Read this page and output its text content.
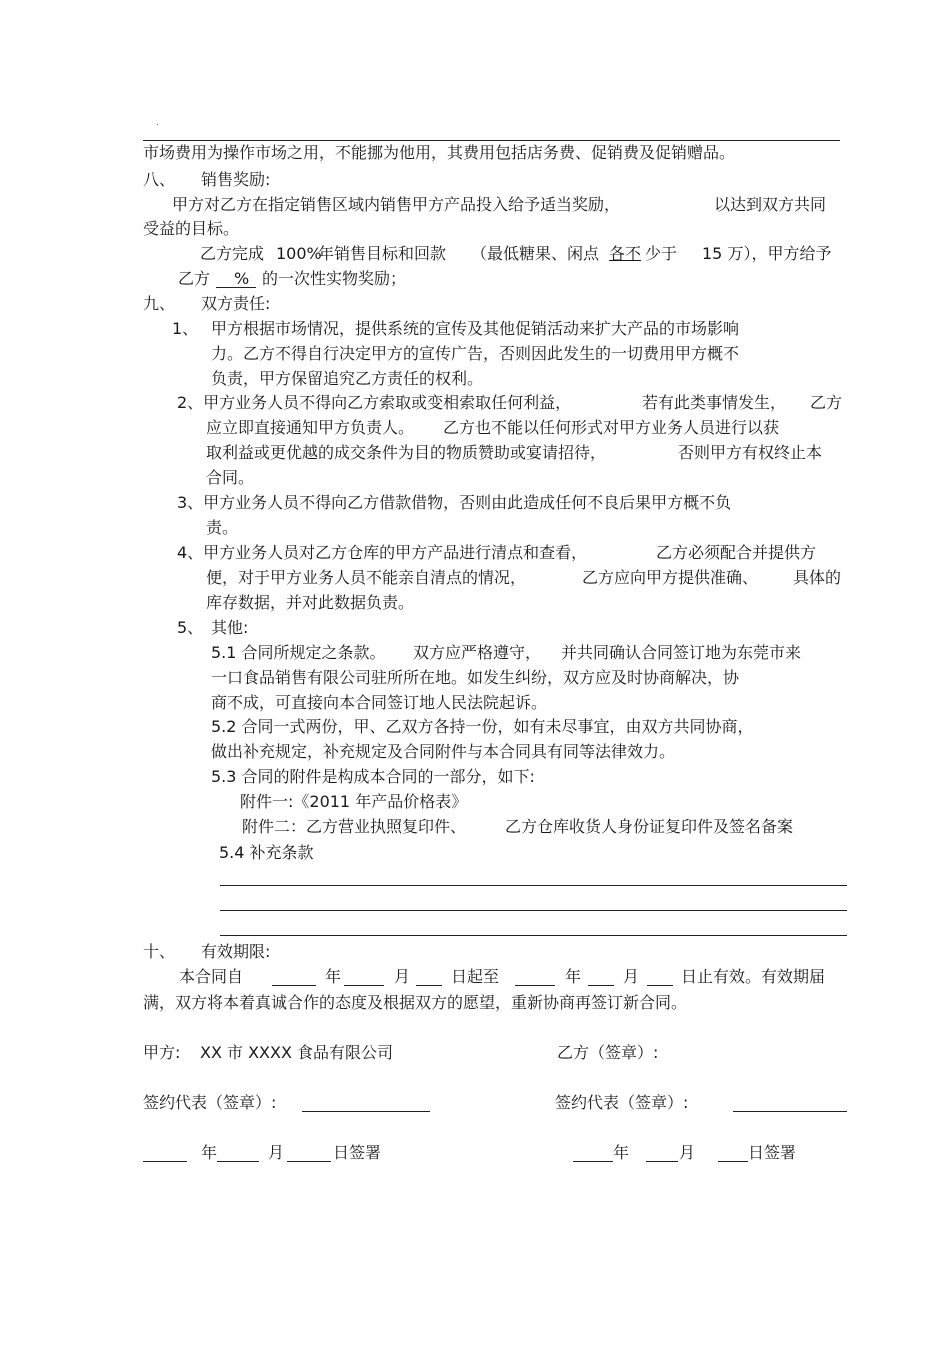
.
市场费用为操作市场之用，不能挪为他用，其费用包括店务费、促销费及促销赠品。
八、 销售奖励:
甲方对乙方在指定销售区域内销售甲方产品投入给予适当奖励，	以达到双方共同
受益的目标。
乙方完成 100%
年销售目标和回款 （最低糖果、闲点 各不 少于 15 万），甲方给予
乙方 % 的一次性实物奖励；
九、 双方责任:
1、 甲方根据市场情况，提供系统的宣传及其他促销活动来扩大产品的市场影响
力。乙方不得自行决定甲方的宣传广告，否则因此发生的一切费用甲方概不
负责，甲方保留追究乙方责任的权利。
2、甲方业务人员不得向乙方索取或变相索取任何利益，	若有此类事情发生， 乙方
应立即直接通知甲方负责人。 乙方也不能以任何形式对甲方业务人员进行以获
取利益或更优越的成交条件为目的物质赞助或宴请招待，	否则甲方有权终止本
合同。
3、甲方业务人员不得向乙方借款借物，否则由此造成任何不良后果甲方概不负
责。
4、甲方业务人员对乙方仓库的甲方产品进行清点和查看，	乙方必须配合并提供方
便，对于甲方业务人员不能亲自清点的情况，	乙方应向甲方提供准确、 具体的
库存数据，并对此数据负责。
5、 其他:
5.1 合同所规定之条款。 双方应严格遵守， 并共同确认合同签订地为东莞市来
一口食品销售有限公司驻所所在地。如发生纠纷，双方应及时协商解决，协
商不成，可直接向本合同签订地人民法院起诉。
5.2 合同一式两份，甲、乙双方各持一份，如有未尽事宜，由双方共同协商，
做出补充规定，补充规定及合同附件与本合同具有同等法律效力。
5.3 合同的附件是构成本合同的一部分，如下:
附件一:《2011 年产品价格表》
附件二：乙方营业执照复印件、 乙方仓库收货人身份证复印件及签名备案
5.4 补充条款
十、 有效期限:
本合同自	年	月	日起至	年	月	日止有效。有效期届
满，双方将本着真诚合作的态度及根据双方的愿望，重新协商再签订新合同。
甲方: XX 市 XXXX 食品有限公司	乙方（签章）:
签约代表（签章）:	签约代表（签章）:
年	月	日签署	年	月	日签署
